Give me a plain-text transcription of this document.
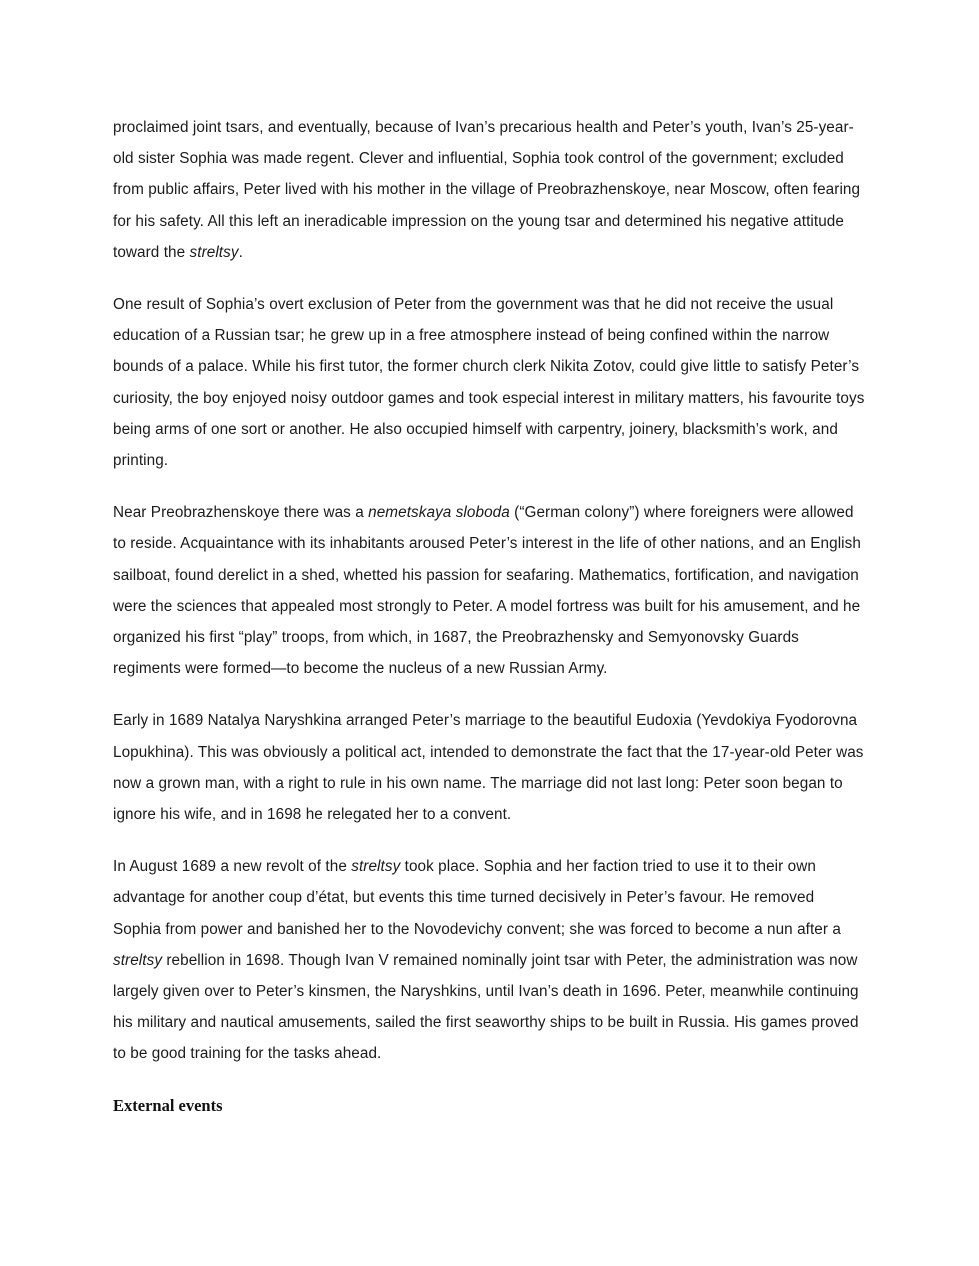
proclaimed joint tsars, and eventually, because of Ivan’s precarious health and Peter’s youth, Ivan’s 25-year-old sister Sophia was made regent. Clever and influential, Sophia took control of the government; excluded from public affairs, Peter lived with his mother in the village of Preobrazhenskoye, near Moscow, often fearing for his safety. All this left an ineradicable impression on the young tsar and determined his negative attitude toward the streltsy.

One result of Sophia’s overt exclusion of Peter from the government was that he did not receive the usual education of a Russian tsar; he grew up in a free atmosphere instead of being confined within the narrow bounds of a palace. While his first tutor, the former church clerk Nikita Zotov, could give little to satisfy Peter’s curiosity, the boy enjoyed noisy outdoor games and took especial interest in military matters, his favourite toys being arms of one sort or another. He also occupied himself with carpentry, joinery, blacksmith’s work, and printing.

Near Preobrazhenskoye there was a nemetskaya sloboda (“German colony”) where foreigners were allowed to reside. Acquaintance with its inhabitants aroused Peter’s interest in the life of other nations, and an English sailboat, found derelict in a shed, whetted his passion for seafaring. Mathematics, fortification, and navigation were the sciences that appealed most strongly to Peter. A model fortress was built for his amusement, and he organized his first “play” troops, from which, in 1687, the Preobrazhensky and Semyonovsky Guards regiments were formed—to become the nucleus of a new Russian Army.

Early in 1689 Natalya Naryshkina arranged Peter’s marriage to the beautiful Eudoxia (Yevdokiya Fyodorovna Lopukhina). This was obviously a political act, intended to demonstrate the fact that the 17-year-old Peter was now a grown man, with a right to rule in his own name. The marriage did not last long: Peter soon began to ignore his wife, and in 1698 he relegated her to a convent.

In August 1689 a new revolt of the streltsy took place. Sophia and her faction tried to use it to their own advantage for another coup d’état, but events this time turned decisively in Peter’s favour. He removed Sophia from power and banished her to the Novodevichy convent; she was forced to become a nun after a streltsy rebellion in 1698. Though Ivan V remained nominally joint tsar with Peter, the administration was now largely given over to Peter’s kinsmen, the Naryshkins, until Ivan’s death in 1696. Peter, meanwhile continuing his military and nautical amusements, sailed the first seaworthy ships to be built in Russia. His games proved to be good training for the tasks ahead.

External events
